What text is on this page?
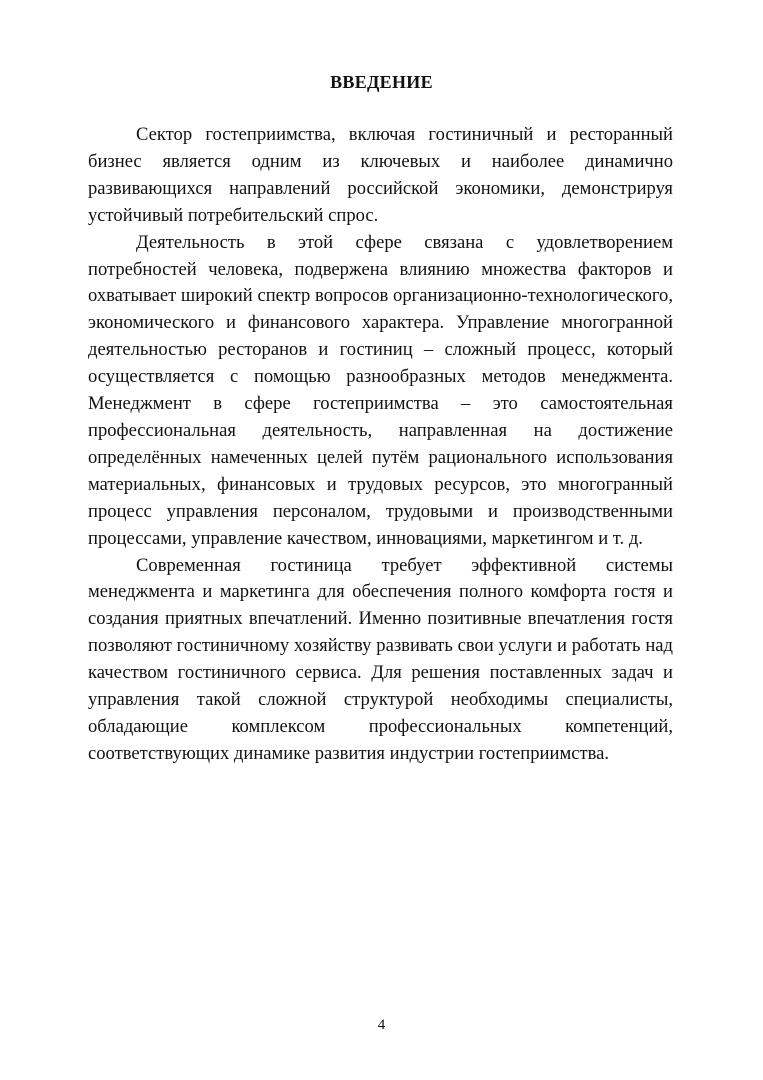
ВВЕДЕНИЕ

Сектор гостеприимства, включая гостиничный и ресторанный бизнес является одним из ключевых и наиболее динамично развивающихся направлений российской экономики, демонстрируя устойчивый потребительский спрос.

Деятельность в этой сфере связана с удовлетворением потребностей человека, подвержена влиянию множества факторов и охватывает широкий спектр вопросов организационно-технологического, экономического и финансового характера. Управление многогранной деятельностью ресторанов и гостиниц – сложный процесс, который осуществляется с помощью разнообразных методов менеджмента. Менеджмент в сфере гостеприимства – это самостоятельная профессиональная деятельность, направленная на достижение определённых намеченных целей путём рационального использования материальных, финансовых и трудовых ресурсов, это многогранный процесс управления персоналом, трудовыми и производственными процессами, управление качеством, инновациями, маркетингом и т. д.

Современная гостиница требует эффективной системы менеджмента и маркетинга для обеспечения полного комфорта гостя и создания приятных впечатлений. Именно позитивные впечатления гостя позволяют гостиничному хозяйству развивать свои услуги и работать над качеством гостиничного сервиса. Для решения поставленных задач и управления такой сложной структурой необходимы специалисты, обладающие комплексом профессиональных компетенций, соответствующих динамике развития индустрии гостеприимства.

4
